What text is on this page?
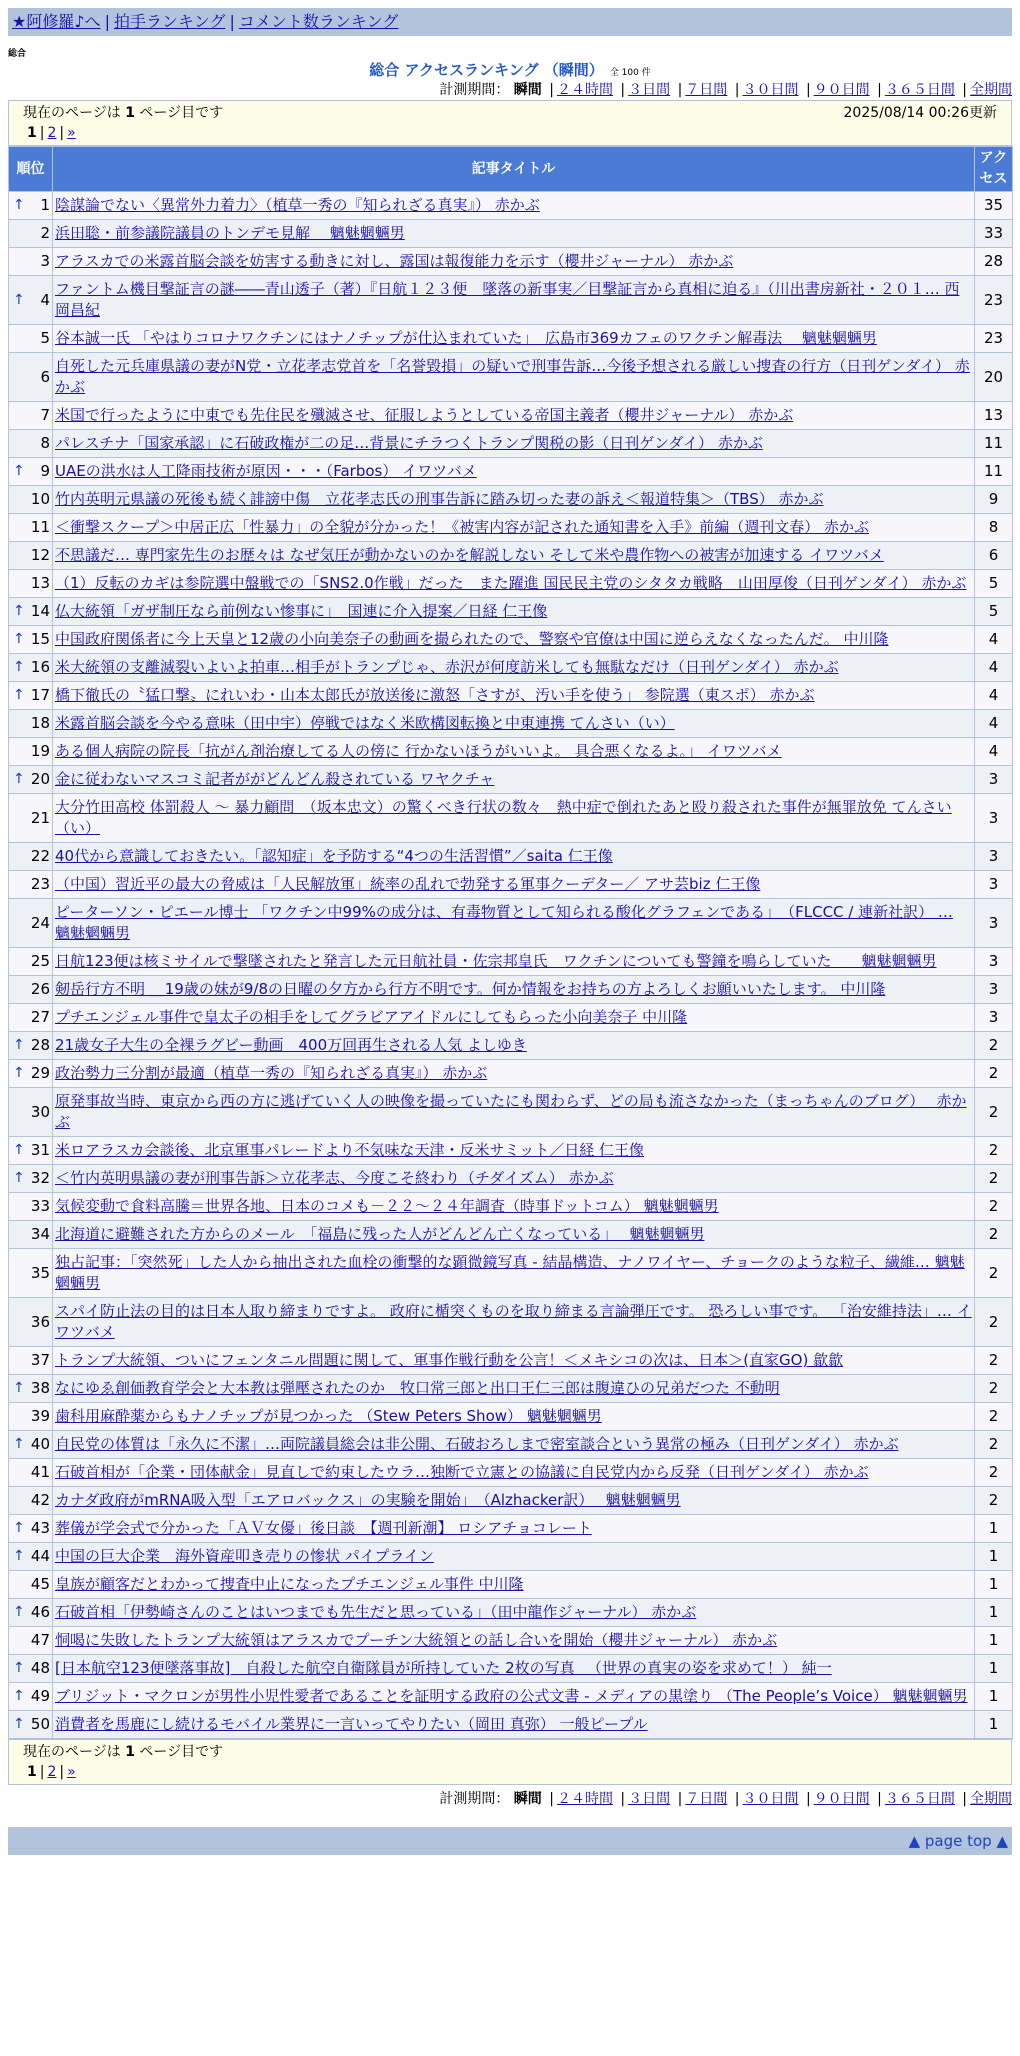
★阿修羅♪へ | 拍手ランキング | コメント数ランキング
総合
総合 アクセスランキング （瞬間） 全 100 件
計測期間： 瞬間 | ２４時間 | ３日間 | ７日間 | ３０日間 | ９０日間 | ３６５日間 | 全期間
現在のページは 1 ページ目です	2025/08/14 00:26更新
1 | 2 | »
順位	記事タイトル	アクセス

↑ 1	陰謀論でない〈異常外力着力〉（植草一秀の『知られざる真実』） 赤かぶ	35
2	浜田聡・前参議院議員のトンデモ見解　 魑魅魍魎男	33
3	アラスカでの米露首脳会談を妨害する動きに対し、露国は報復能力を示す（櫻井ジャーナル） 赤かぶ	28

↑ 4	ファントム機目撃証言の謎――青山透子（著）『日航１２３便　墜落の新事実／目撃証言から真相に迫る』（川出書房新社・２０１… 西岡昌紀	23
5	谷本誠一氏 「やはりコロナワクチンにはナノチップが仕込まれていた」　広島市369カフェのワクチン解毒法　 魑魅魍魎男	23
6	自死した元兵庫県議の妻がN党・立花孝志党首を「名誉毀損」の疑いで刑事告訴…今後予想される厳しい捜査の行方（日刊ゲンダイ） 赤かぶ	20
7	米国で行ったように中東でも先住民を殲滅させ、征服しようとしている帝国主義者（櫻井ジャーナル） 赤かぶ	13
8	パレスチナ「国家承認」に石破政権が二の足…背景にチラつくトランプ関税の影（日刊ゲンダイ） 赤かぶ	11

↑ 9	UAEの洪水は人工降雨技術が原因・・・（Farbos） イワツバメ	11
10	竹内英明元県議の死後も続く誹謗中傷　立花孝志氏の刑事告訴に踏み切った妻の訴え＜報道特集＞（TBS） 赤かぶ	9
11	＜衝撃スクープ＞中居正広「性暴力」の全貌が分かった！《被害内容が記された通知書を入手》前編（週刊文春） 赤かぶ	8
12	不思議だ… 専門家先生のお歴々は なぜ気圧が動かないのかを解説しない そして米や農作物への被害が加速する イワツバメ	6
13	（1）反転のカギは参院選中盤戦での「SNS2.0作戦」だった　また躍進 国民民主党のシタタカ戦略　山田厚俊（日刊ゲンダイ） 赤かぶ	5

↑ 14	仏大統領「ガザ制圧なら前例ない惨事に」　国連に介入提案／日経 仁王像	5

↑ 15	中国政府関係者に今上天皇と12歳の小向美奈子の動画を撮られたので、警察や官僚は中国に逆らえなくなったんだ。 中川隆	4

↑ 16	米大統領の支離滅裂いよいよ拍車…相手がトランプじゃ、赤沢が何度訪米しても無駄なだけ（日刊ゲンダイ） 赤かぶ	4

↑ 17	橋下徹氏の〝猛口撃〟にれいわ・山本太郎氏が放送後に激怒「さすが、汚い手を使う」 参院選（東スポ） 赤かぶ	4
18	米露首脳会談を今やる意味（田中宇）停戦ではなく米欧構図転換と中東連携 てんさい（い）	4
19	ある個人病院の院長「抗がん剤治療してる人の傍に 行かないほうがいいよ。 具合悪くなるよ。」 イワツバメ	4

↑ 20	金に従わないマスコミ記者ががどんどん殺されている ワヤクチャ	3
21	大分竹田高校 体罰殺人 ～ 暴力顧問　（坂本忠文）の驚くべき行状の数々　熱中症で倒れたあと殴り殺された事件が無罪放免 てんさい（い）	3
22	40代から意識しておきたい。「認知症」を予防する“4つの生活習慣”／saita 仁王像	3
23	（中国）習近平の最大の脅威は「人民解放軍」統率の乱れで勃発する軍事クーデター／ アサ芸biz 仁王像	3
24	ピーターソン・ピエール博士 「ワクチン中99%の成分は、有毒物質として知られる酸化グラフェンである」　（FLCCC / 連新社訳） … 魑魅魍魎男	3
25	日航123便は核ミサイルで撃墜されたと発言した元日航社員・佐宗邦皇氏　ワクチンについても警鐘を鳴らしていた　　魑魅魍魎男	3
26	剱岳行方不明 ＿19歳の妹が9/8の日曜の夕方から行方不明です。何か情報をお持ちの方よろしくお願いいたします。 中川隆	3
27	プチエンジェル事件で皇太子の相手をしてグラビアアイドルにしてもらった小向美奈子 中川隆	3

↑ 28	21歳女子大生の全裸ラグビー動画　400万回再生される人気 よしゆき	2

↑ 29	政治勢力三分割が最適（植草一秀の『知られざる真実』） 赤かぶ	2
30	原発事故当時、東京から西の方に逃げていく人の映像を撮っていたにも関わらず、どの局も流さなかった（まっちゃんのブログ）　 赤かぶ	2

↑ 31	米ロアラスカ会談後、北京軍事パレードより不気味な天津・反米サミット／日経 仁王像	2

↑ 32	＜竹内英明県議の妻が刑事告訴＞立花孝志、今度こそ終わり（チダイズム） 赤かぶ	2
33	気候変動で食料高騰＝世界各地、日本のコメも－２２～２４年調査（時事ドットコム） 魑魅魍魎男	2
34	北海道に避難された方からのメール　「福島に残った人がどんどん亡くなっている」　 魑魅魍魎男	2
35	独占記事：「突然死」した人から抽出された血栓の衝撃的な顕微鏡写真 - 結晶構造、ナノワイヤー、チョークのような粒子、繊維… 魑魅魍魎男	2
36	スパイ防止法の目的は日本人取り締まりですよ。 政府に楯突くものを取り締まる言論弾圧です。 恐ろしい事です。 「治安維持法」… イワツバメ	2
37	トランプ大統領、ついにフェンタニル問題に関して、軍事作戦行動を公言！＜メキシコの次は、日本＞(直家GO) 歙歙	2

↑ 38	なにゆゑ創価教育学会と大本教は弾壓されたのか　牧口常三郎と出口王仁三郎は腹違ひの兄弟だつた 不動明	2
39	歯科用麻酔薬からもナノチップが見つかった （Stew Peters Show） 魑魅魍魎男	2

↑ 40	自民党の体質は「永久に不潔」…両院議員総会は非公開、石破おろしまで密室談合という異常の極み（日刊ゲンダイ） 赤かぶ	2
41	石破首相が「企業・団体献金」見直しで約束したウラ…独断で立憲との協議に自民党内から反発（日刊ゲンダイ） 赤かぶ	2
42	カナダ政府がmRNA吸入型「エアロバックス」の実験を開始」　（Alzhacker訳）　 魑魅魍魎男	2

↑ 43	葬儀が学会式で分かった「ＡＶ女優」後日談　【週刊新潮】 ロシアチョコレート	1

↑ 44	中国の巨大企業　海外資産叩き売りの惨状 パイプライン	1
45	皇族が顧客だとわかって捜査中止になったプチエンジェル事件 中川隆	1

↑ 46	石破首相「伊勢崎さんのことはいつまでも先生だと思っている」（田中龍作ジャーナル） 赤かぶ	1
47	恫喝に失敗したトランプ大統領はアラスカでプーチン大統領との話し合いを開始（櫻井ジャーナル） 赤かぶ	1

↑ 48	[日本航空123便墜落事故]　自殺した航空自衛隊員が所持していた 2枚の写真 　（世界の真実の姿を求めて！） 純一	1

↑ 49	ブリジット・マクロンが男性小児性愛者であることを証明する政府の公式文書 - メディアの黒塗り （The People’s Voice） 魑魅魍魎男	1

↑ 50	消費者を馬鹿にし続けるモバイル業界に一言いってやりたい（岡田 真弥） 一般ピープル	1
現在のページは 1 ページ目です
1 | 2 | »
計測期間： 瞬間 | ２４時間 | ３日間 | ７日間 | ３０日間 | ９０日間 | ３６５日間 | 全期間
▲ page top ▲
